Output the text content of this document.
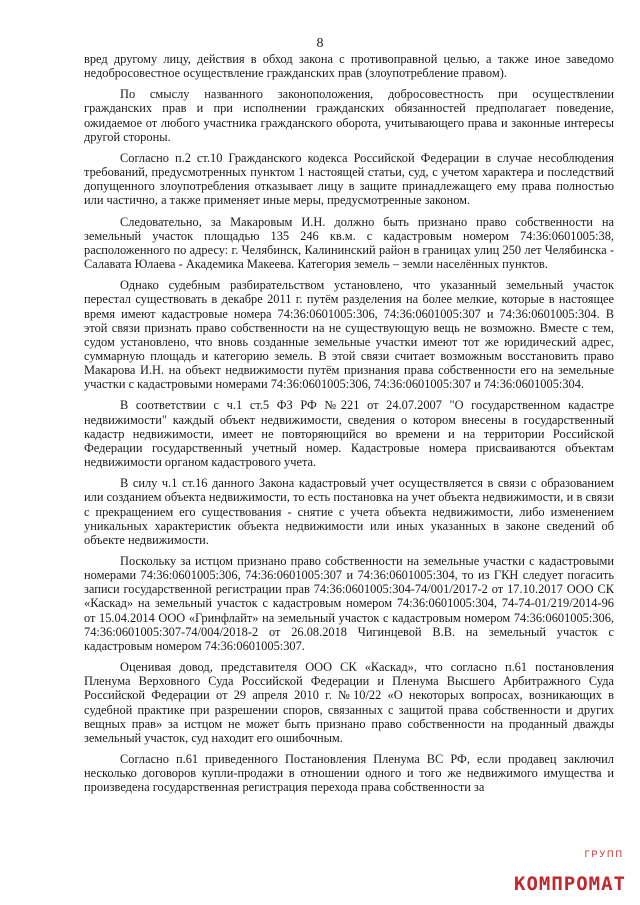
8

вред другому лицу, действия в обход закона с противоправной целью, а также иное заведомо недобросовестное осуществление гражданских прав (злоупотребление правом).

По смыслу названного законоположения, добросовестность при осуществлении гражданских прав и при исполнении гражданских обязанностей предполагает поведение, ожидаемое от любого участника гражданского оборота, учитывающего права и законные интересы другой стороны.

Согласно п.2 ст.10 Гражданского кодекса Российской Федерации в случае несоблюдения требований, предусмотренных пунктом 1 настоящей статьи, суд, с учетом характера и последствий допущенного злоупотребления отказывает лицу в защите принадлежащего ему права полностью или частично, а также применяет иные меры, предусмотренные законом.

Следовательно, за Макаровым И.Н. должно быть признано право собственности на земельный участок площадью 135 246 кв.м. с кадастровым номером 74:36:0601005:38, расположенного по адресу: г. Челябинск, Калининский район в границах улиц 250 лет Челябинска - Салавата Юлаева - Академика Макеева. Категория земель – земли населённых пунктов.

Однако судебным разбирательством установлено, что указанный земельный участок перестал существовать в декабре 2011 г. путём разделения на более мелкие, которые в настоящее время имеют кадастровые номера 74:36:0601005:306, 74:36:0601005:307 и 74:36:0601005:304. В этой связи признать право собственности на не существующую вещь не возможно. Вместе с тем, судом установлено, что вновь созданные земельные участки имеют тот же юридический адрес, суммарную площадь и категорию земель. В этой связи считает возможным восстановить право Макарова И.Н. на объект недвижимости путём признания права собственности его на земельные участки с кадастровыми номерами 74:36:0601005:306, 74:36:0601005:307 и 74:36:0601005:304.

В соответствии с ч.1 ст.5 ФЗ РФ №221 от 24.07.2007 "О государственном кадастре недвижимости" каждый объект недвижимости, сведения о котором внесены в государственный кадастр недвижимости, имеет не повторяющийся во времени и на территории Российской Федерации государственный учетный номер. Кадастровые номера присваиваются объектам недвижимости органом кадастрового учета.

В силу ч.1 ст.16 данного Закона кадастровый учет осуществляется в связи с образованием или созданием объекта недвижимости, то есть постановка на учет объекта недвижимости, и в связи с прекращением его существования - снятие с учета объекта недвижимости, либо изменением уникальных характеристик объекта недвижимости или иных указанных в законе сведений об объекте недвижимости.

Поскольку за истцом признано право собственности на земельные участки с кадастровыми номерами 74:36:0601005:306, 74:36:0601005:307 и 74:36:0601005:304, то из ГКН следует погасить записи государственной регистрации прав 74:36:0601005:304-74/001/2017-2 от 17.10.2017 ООО СК «Каскад» на земельный участок с кадастровым номером 74:36:0601005:304, 74-74-01/219/2014-96 от 15.04.2014 ООО «Гринфлайт» на земельный участок с кадастровым номером 74:36:0601005:306, 74:36:0601005:307-74/004/2018-2 от 26.08.2018 Чигинцевой В.В. на земельный участок с кадастровым номером 74:36:0601005:307.

Оценивая довод, представителя ООО СК «Каскад», что согласно п.61 постановления Пленума Верховного Суда Российской Федерации и Пленума Высшего Арбитражного Суда Российской Федерации от 29 апреля 2010 г. №10/22 «О некоторых вопросах, возникающих в судебной практике при разрешении споров, связанных с защитой права собственности и других вещных прав» за истцом не может быть признано право собственности на проданный дважды земельный участок, суд находит его ошибочным.

Согласно п.61 приведенного Постановления Пленума ВС РФ, если продавец заключил несколько договоров купли-продажи в отношении одного и того же недвижимого имущества и произведена государственная регистрация перехода права собственности за

ГРУПП
КОМПРОМАТ
